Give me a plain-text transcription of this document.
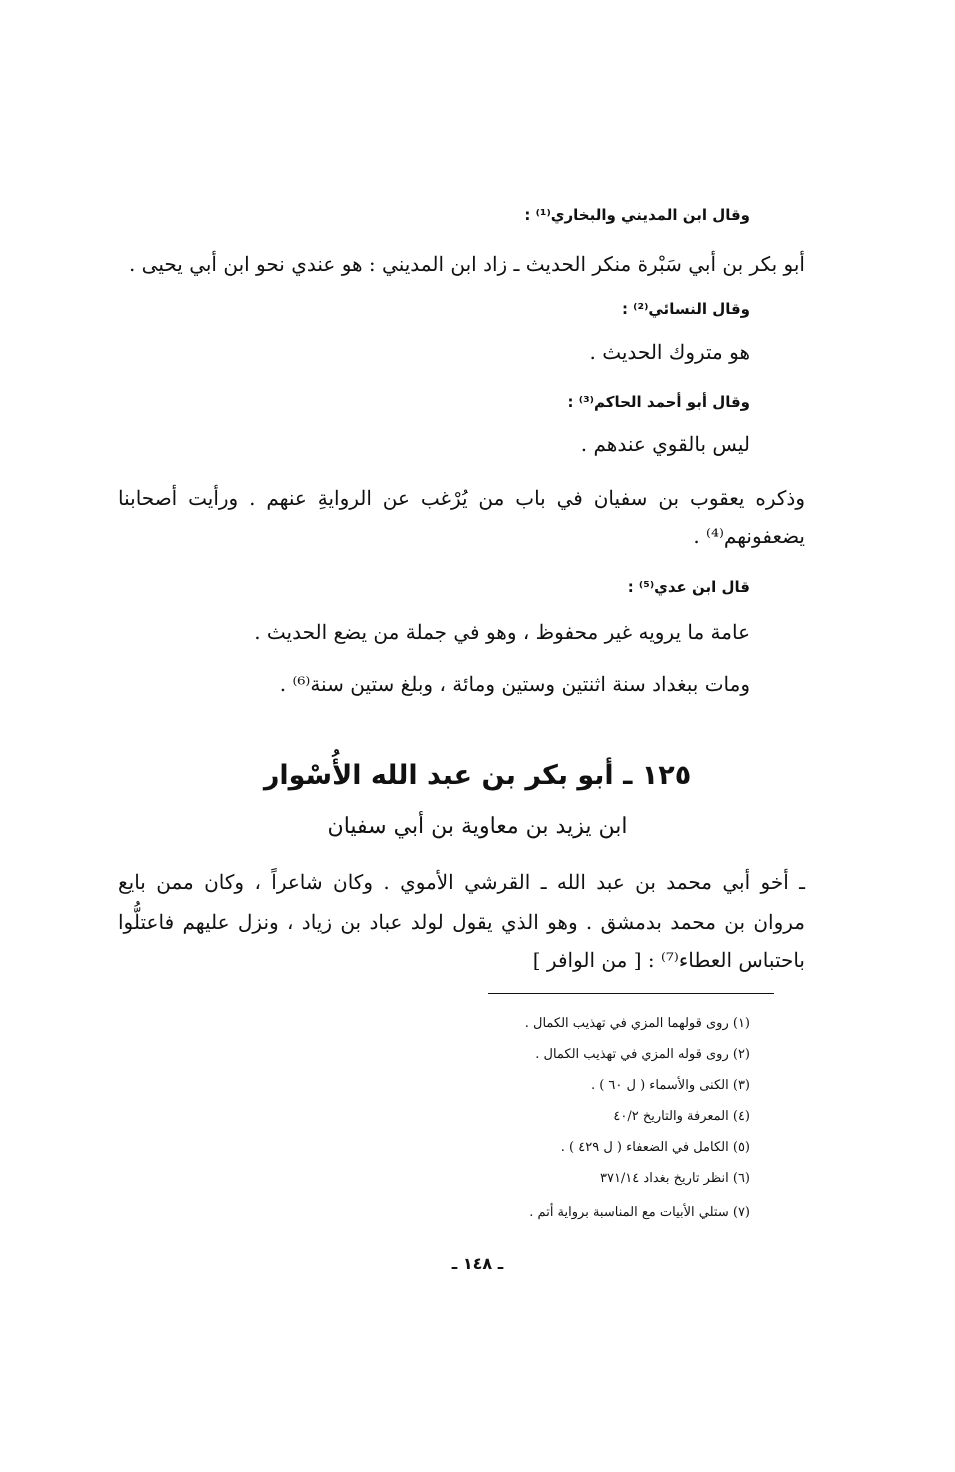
وقال ابن المديني والبخاري⁽¹⁾ :

أبو بكر بن أبي سَبْرة منكر الحديث ـ زاد ابن المديني : هو عندي نحو ابن أبي يحيى .

وقال النسائي⁽²⁾ :

هو متروك الحديث .

وقال أبو أحمد الحاكم⁽³⁾ :

ليس بالقوي عندهم .

وذكره يعقوب بن سفيان في باب من يُرْغب عن الروايةِ عنهم . ورأيت أصحابنا

يضعفونهم⁽⁴⁾ .

قال ابن عدي⁽⁵⁾ :

عامة ما يرويه غير محفوظ ، وهو في جملة من يضع الحديث .

ومات ببغداد سنة اثنتين وستين ومائة ، وبلغ ستين سنة⁽⁶⁾ .

١٢٥ ـ أبو بكر بن عبد الله الأُسْوار
ابن يزيد بن معاوية بن أبي سفيان

ـ أخو أبي محمد بن عبد الله ـ القرشي الأموي . وكان شاعراً ، وكان ممن بايع

مروان بن محمد بدمشق . وهو الذي يقول لولد عباد بن زياد ، ونزل عليهم فاعتلُّوا

باحتباس العطاء⁽⁷⁾ : [ من الوافر ]

(١) روى قولهما المزي في تهذيب الكمال .

(٢) روى قوله المزي في تهذيب الكمال .

(٣) الكنى والأسماء ( ل ٦٠ ) .

(٤) المعرفة والتاريخ ٤٠/٢

(٥) الكامل في الضعفاء ( ل ٤٢٩ ) .

(٦) انظر تاريخ بغداد ٣٧١/١٤

(٧) ستلي الأبيات مع المناسبة برواية أتم .

ـ ١٤٨ ـ
